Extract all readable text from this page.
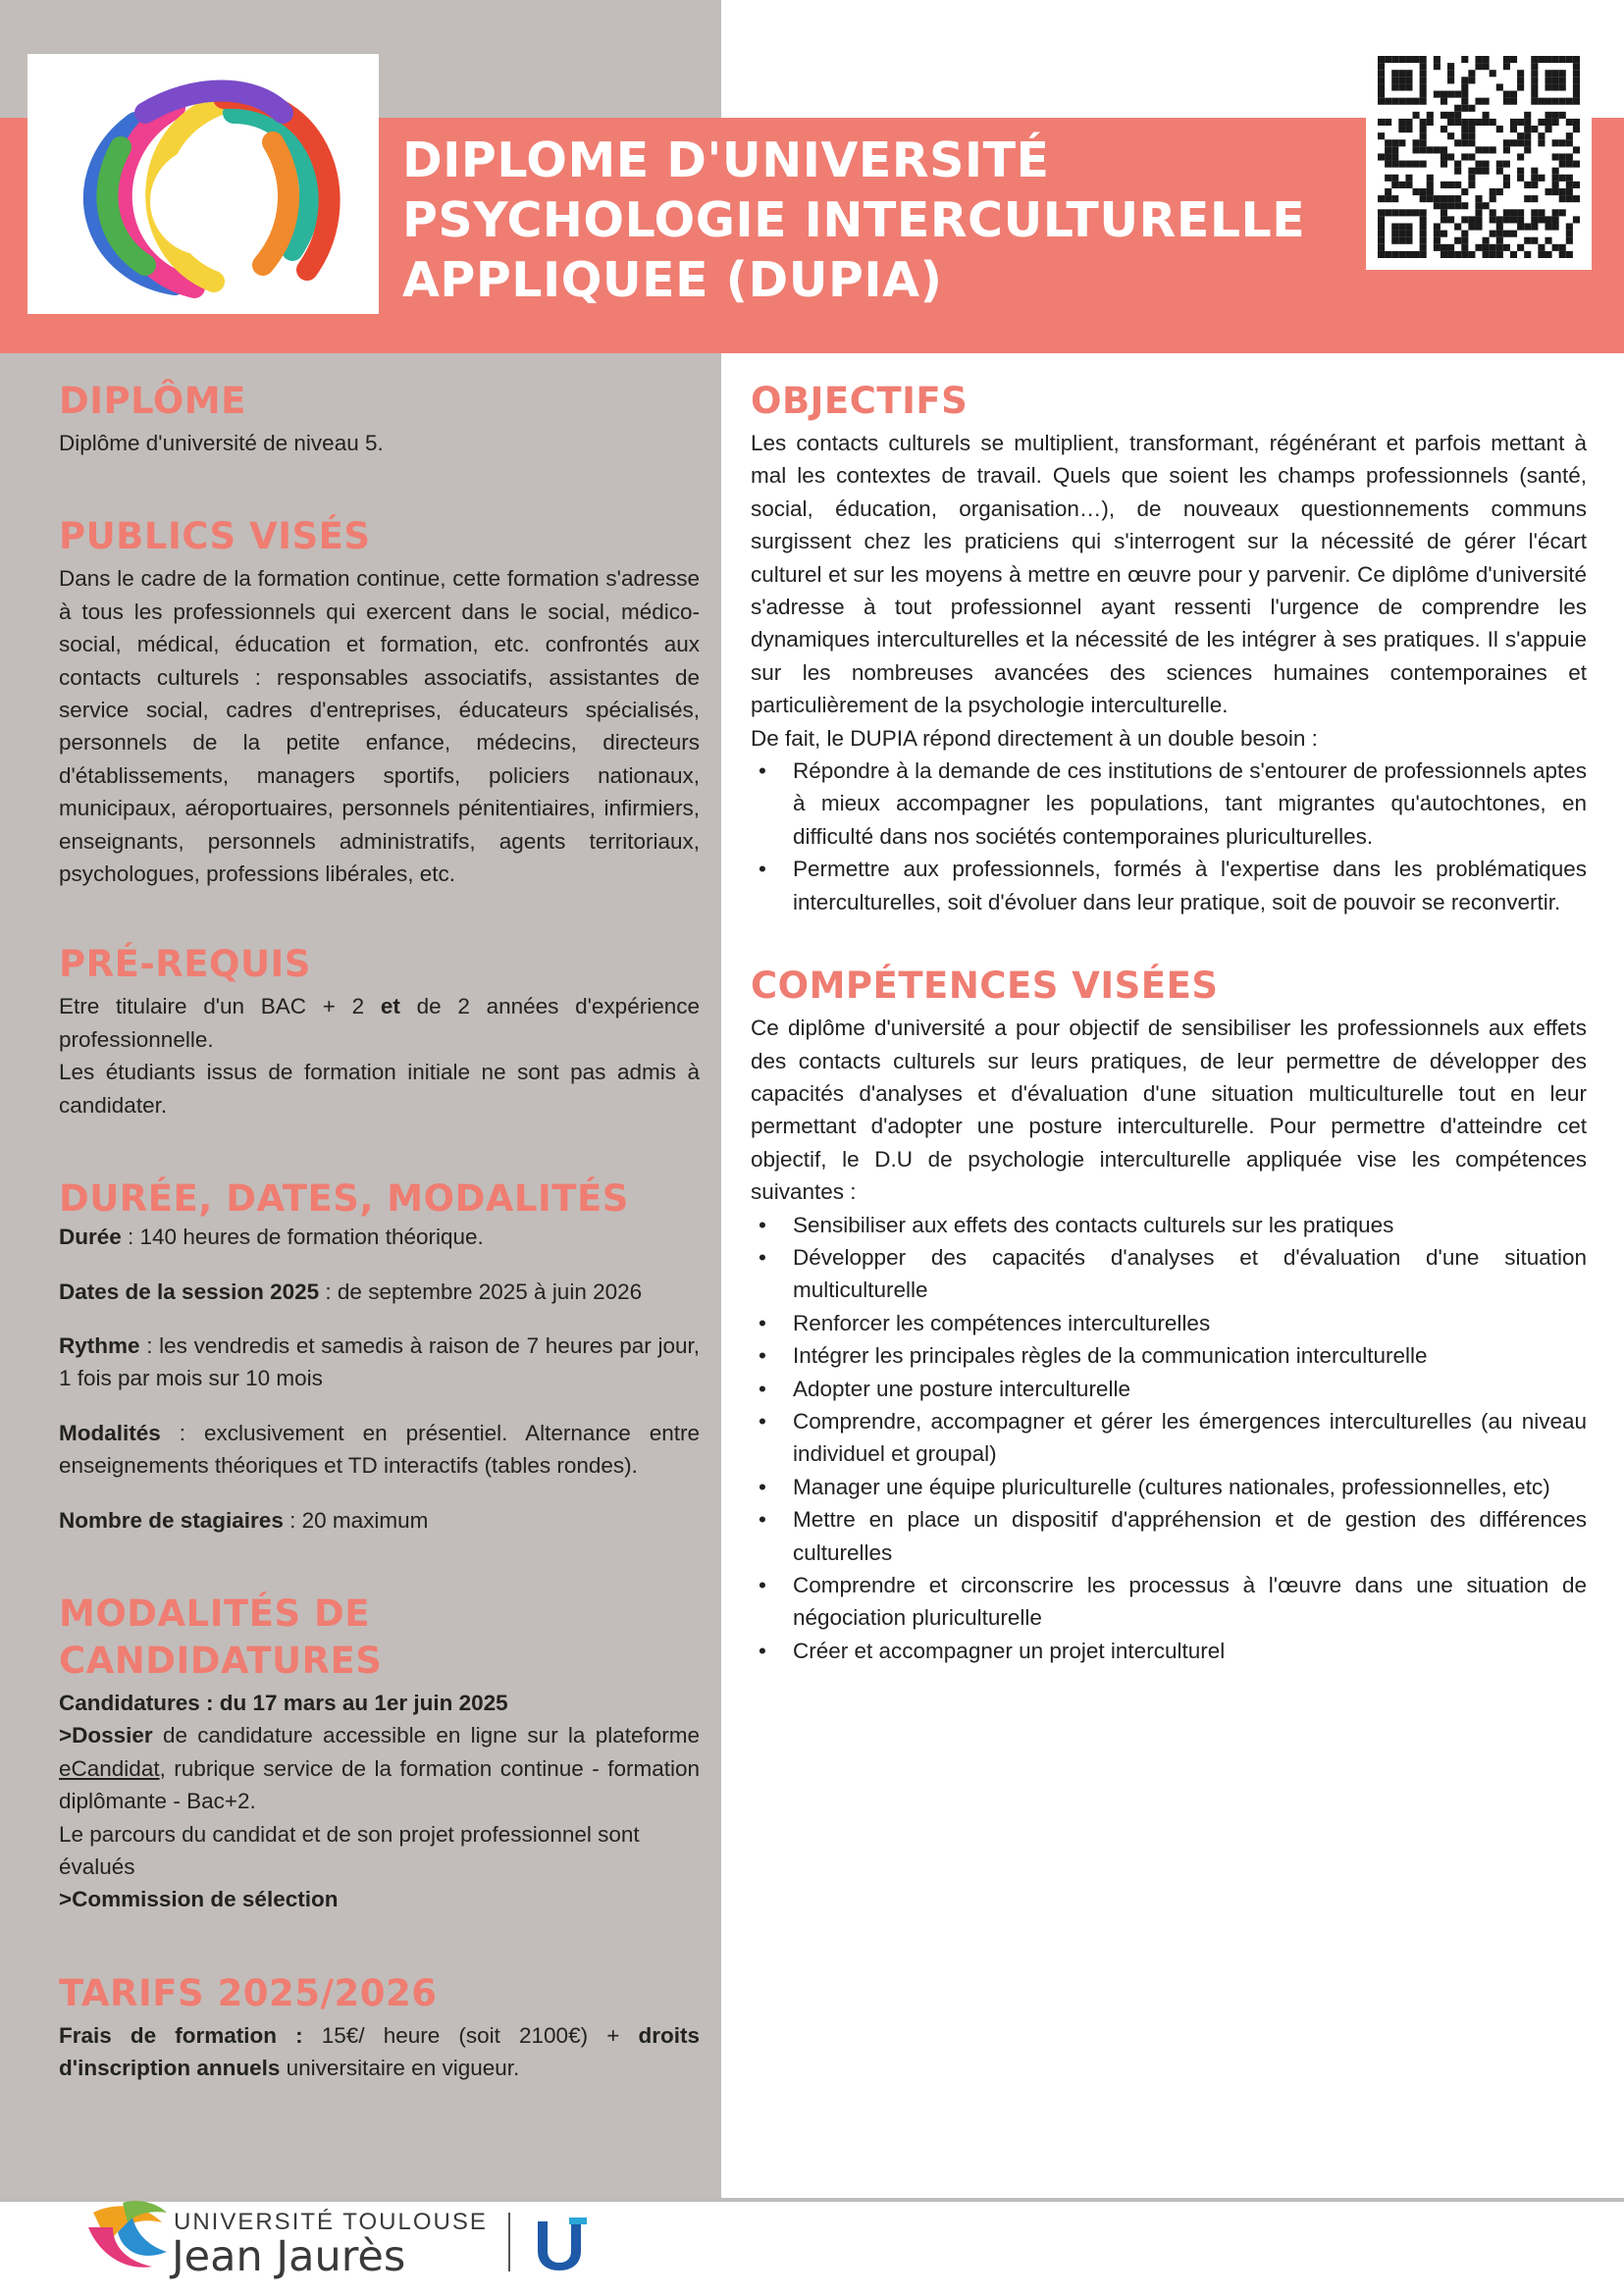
DIPLOME D'UNIVERSITÉ
PSYCHOLOGIE INTERCULTURELLE
APPLIQUEE (DUPIA)
DIPLÔME

Diplôme d'université de niveau 5.

PUBLICS VISÉS

Dans le cadre de la formation continue, cette formation s'adresse à tous les professionnels qui exercent dans le social, médico-social, médical, éducation et formation, etc. confrontés aux contacts culturels : responsables associatifs, assistantes de service social, cadres d'entreprises, éducateurs spécialisés, personnels de la petite enfance, médecins, directeurs d'établissements, managers sportifs, policiers nationaux, municipaux, aéroportuaires, personnels pénitentiaires, infirmiers, enseignants, personnels administratifs, agents territoriaux, psychologues, professions libérales, etc.

PRÉ-REQUIS

Etre titulaire d'un BAC + 2 et de 2 années d'expérience professionnelle.

Les étudiants issus de formation initiale ne sont pas admis à candidater.

DURÉE, DATES, MODALITÉS

Durée : 140 heures de formation théorique.

Dates de la session 2025 : de septembre 2025 à juin 2026

Rythme : les vendredis et samedis à raison de 7 heures par jour, 1 fois par mois sur 10 mois

Modalités : exclusivement en présentiel. Alternance entre enseignements théoriques et TD interactifs (tables rondes).

Nombre de stagiaires : 20 maximum

MODALITÉS DE CANDIDATURES

Candidatures : du 17 mars au 1er juin 2025

>Dossier de candidature accessible en ligne sur la plateforme eCandidat, rubrique service de la formation continue - formation diplômante - Bac+2.

Le parcours du candidat et de son projet professionnel sont évalués

>Commission de sélection

TARIFS 2025/2026

Frais de formation : 15€/ heure (soit 2100€) + droits d'inscription annuels universitaire en vigueur.

OBJECTIFS

Les contacts culturels se multiplient, transformant, régénérant et parfois mettant à mal les contextes de travail. Quels que soient les champs professionnels (santé, social, éducation, organisation…), de nouveaux questionnements communs surgissent chez les praticiens qui s'interrogent sur la nécessité de gérer l'écart culturel et sur les moyens à mettre en œuvre pour y parvenir. Ce diplôme d'université s'adresse à tout professionnel ayant ressenti l'urgence de comprendre les dynamiques interculturelles et la nécessité de les intégrer à ses pratiques. Il s'appuie sur les nombreuses avancées des sciences humaines contemporaines et particulièrement de la psychologie interculturelle.

De fait, le DUPIA répond directement à un double besoin :

• Répondre à la demande de ces institutions de s'entourer de professionnels aptes à mieux accompagner les populations, tant migrantes qu'autochtones, en difficulté dans nos sociétés contemporaines pluriculturelles.
• Permettre aux professionnels, formés à l'expertise dans les problématiques interculturelles, soit d'évoluer dans leur pratique, soit de pouvoir se reconvertir.
COMPÉTENCES VISÉES

Ce diplôme d'université a pour objectif de sensibiliser les professionnels aux effets des contacts culturels sur leurs pratiques, de leur permettre de développer des capacités d'analyses et d'évaluation d'une situation multiculturelle tout en leur permettant d'adopter une posture interculturelle. Pour permettre d'atteindre cet objectif, le D.U de psychologie interculturelle appliquée vise les compétences suivantes :

• Sensibiliser aux effets des contacts culturels sur les pratiques
• Développer des capacités d'analyses et d'évaluation d'une situation multiculturelle
• Renforcer les compétences interculturelles
• Intégrer les principales règles de la communication interculturelle
• Adopter une posture interculturelle
• Comprendre, accompagner et gérer les émergences interculturelles (au niveau individuel et groupal)
• Manager une équipe pluriculturelle (cultures nationales, professionnelles, etc)
• Mettre en place un dispositif d'appréhension et de gestion des différences culturelles
• Comprendre et circonscrire les processus à l'œuvre dans une situation de négociation pluriculturelle
• Créer et accompagner un projet interculturel
UNIVERSITÉ TOULOUSE
Jean Jaurès
